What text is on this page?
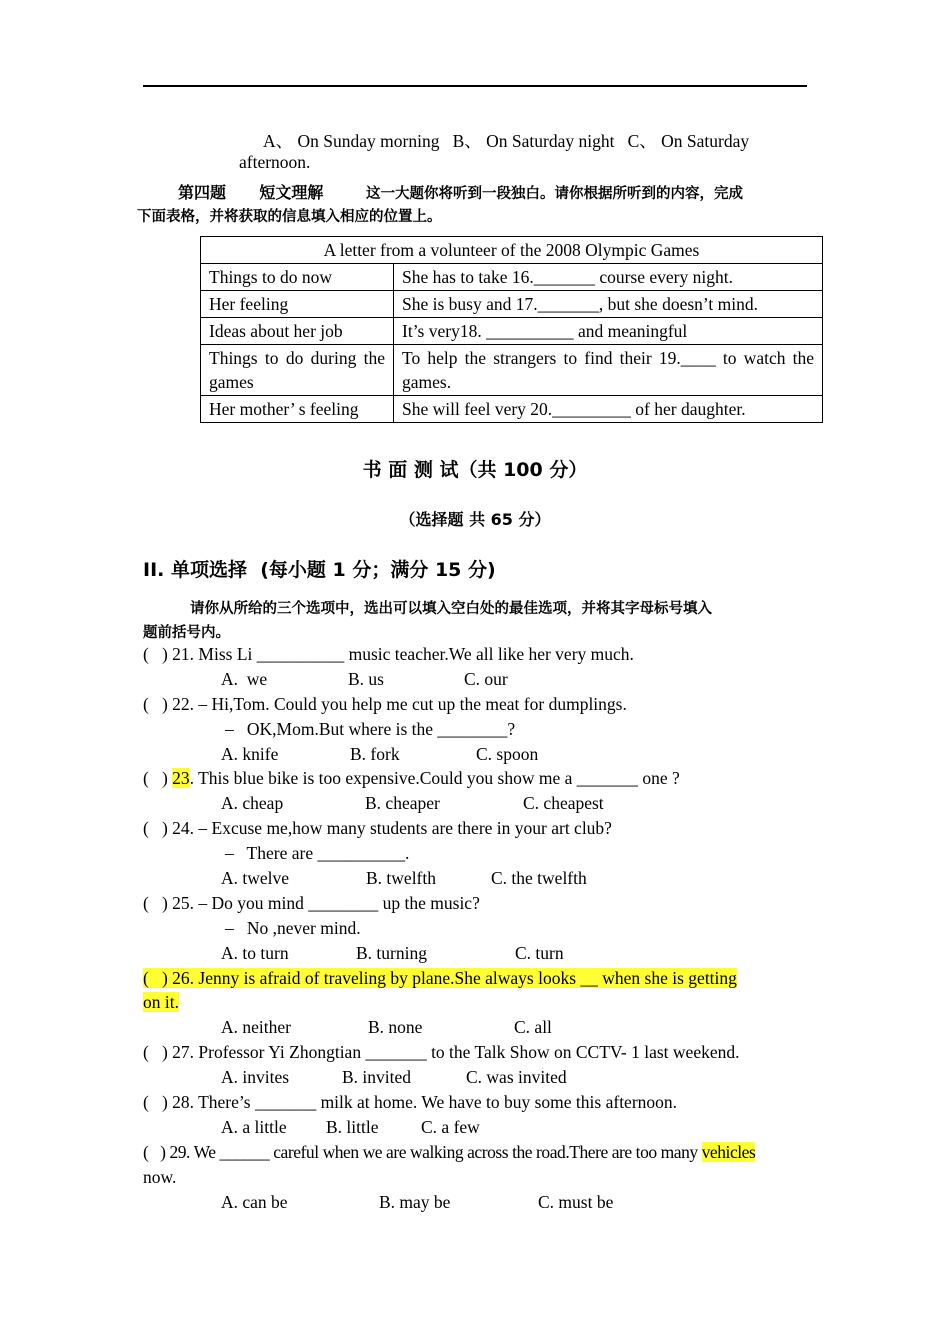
A、 On Sunday morning   B、 On Saturday night   C、 On Saturday
afternoon.
第四题      短文理解	这一大题你将听到一段独白。请你根据所听到的内容，完成
下面表格，并将获取的信息填入相应的位置上。
A letter from a volunteer of the 2008 Olympic Games	
Things to do now	She has to take 16._______ course every night.
Her feeling	She is busy and 17._______, but she doesn’t mind.
Ideas about her job	It’s very18. __________ and meaningful
Things to do during the games	To help the strangers to find their 19.____ to watch the games.
Her mother’ s feeling	She will feel very 20._________ of her daughter.
书 面 测 试（共 100 分）
（选择题 共 65 分）
II. 单项选择  (每小题 1 分；满分 15 分)
请你从所给的三个选项中，选出可以填入空白处的最佳选项，并将其字母标号填入
题前括号内。
(   ) 21. Miss Li __________ music teacher.We all like her very much.

A.  we

	B. us

	C. our

(   ) 22. – Hi,Tom. Could you help me cut up the meat for dumplings.
–   OK,Mom.But where is the ________?

A. knife

	B. fork

	C. spoon

(   ) 23. This blue bike is too expensive.Could you show me a _______ one ?

A. cheap

	B. cheaper

	C. cheapest

(   ) 24. – Excuse me,how many students are there in your art club?
–   There are __________.

A. twelve

	B. twelfth

	C. the twelfth

(   ) 25. – Do you mind ________ up the music?
–   No ,never mind.

A. to turn

	B. turning

	C. turn

(   ) 26. Jenny is afraid of traveling by plane.She always looks __ when she is getting
on it.

A. neither

	B. none

	C. all

(   ) 27. Professor Yi Zhongtian _______ to the Talk Show on CCTV- 1 last weekend.

A. invites

	B. invited

	C. was invited

(   ) 28. There’s _______ milk at home. We have to buy some this afternoon.

A. a little

B. little

C. a few

(   ) 29. We ______ careful when we are walking across the road.There are too many vehicles
now.

A. can be

	B. may be

	C. must be
